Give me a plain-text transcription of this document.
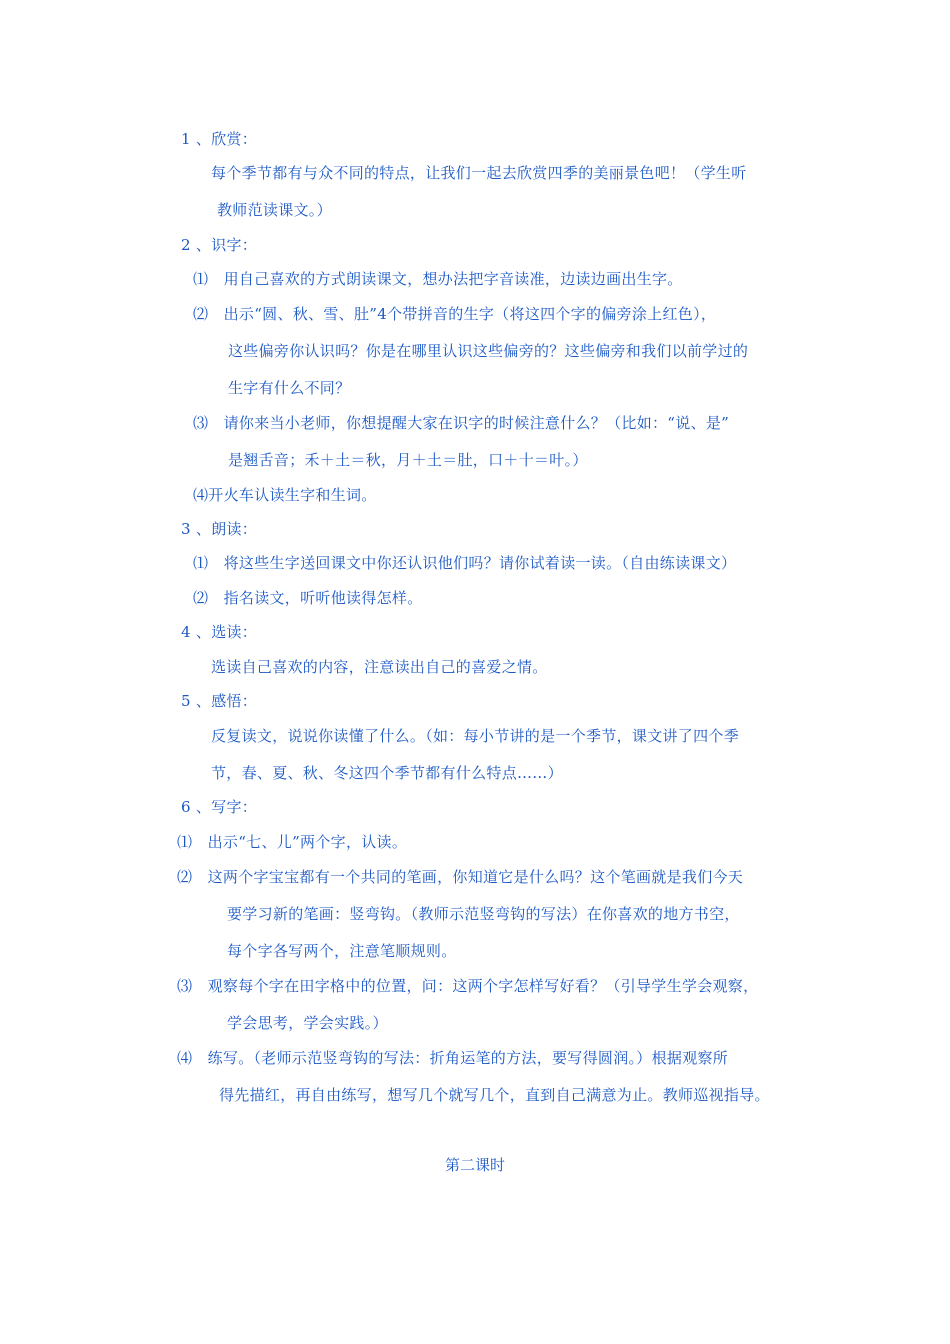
1 、欣赏：
每个季节都有与众不同的特点，让我们一起去欣赏四季的美丽景色吧！（学生听
教师范读课文。）
2 、识字：
⑴　用自己喜欢的方式朗读课文，想办法把字音读准，边读边画出生字。
⑵　出示“圆、秋、雪、肚”4个带拼音的生字（将这四个字的偏旁涂上红色），
这些偏旁你认识吗？你是在哪里认识这些偏旁的？这些偏旁和我们以前学过的
生字有什么不同？
⑶　请你来当小老师，你想提醒大家在识字的时候注意什么？（比如：“说、是”
是翘舌音；禾＋土＝秋，月＋土＝肚，口＋十＝叶。）
⑷开火车认读生字和生词。
3 、朗读：
⑴　将这些生字送回课文中你还认识他们吗？请你试着读一读。（自由练读课文）
⑵　指名读文，听听他读得怎样。
4 、选读：
选读自己喜欢的内容，注意读出自己的喜爱之情。
5 、感悟：
反复读文，说说你读懂了什么。（如：每小节讲的是一个季节，课文讲了四个季
节，春、夏、秋、冬这四个季节都有什么特点……）
6 、写字：
⑴　出示“七、儿”两个字，认读。
⑵　这两个字宝宝都有一个共同的笔画，你知道它是什么吗？这个笔画就是我们今天
要学习新的笔画：竖弯钩。（教师示范竖弯钩的写法）在你喜欢的地方书空，
每个字各写两个，注意笔顺规则。
⑶　观察每个字在田字格中的位置，问：这两个字怎样写好看？（引导学生学会观察，
学会思考，学会实践。）
⑷　练写。（老师示范竖弯钩的写法：折角运笔的方法，要写得圆润。）根据观察所
得先描红，再自由练写，想写几个就写几个，直到自己满意为止。教师巡视指导。
第二课时
